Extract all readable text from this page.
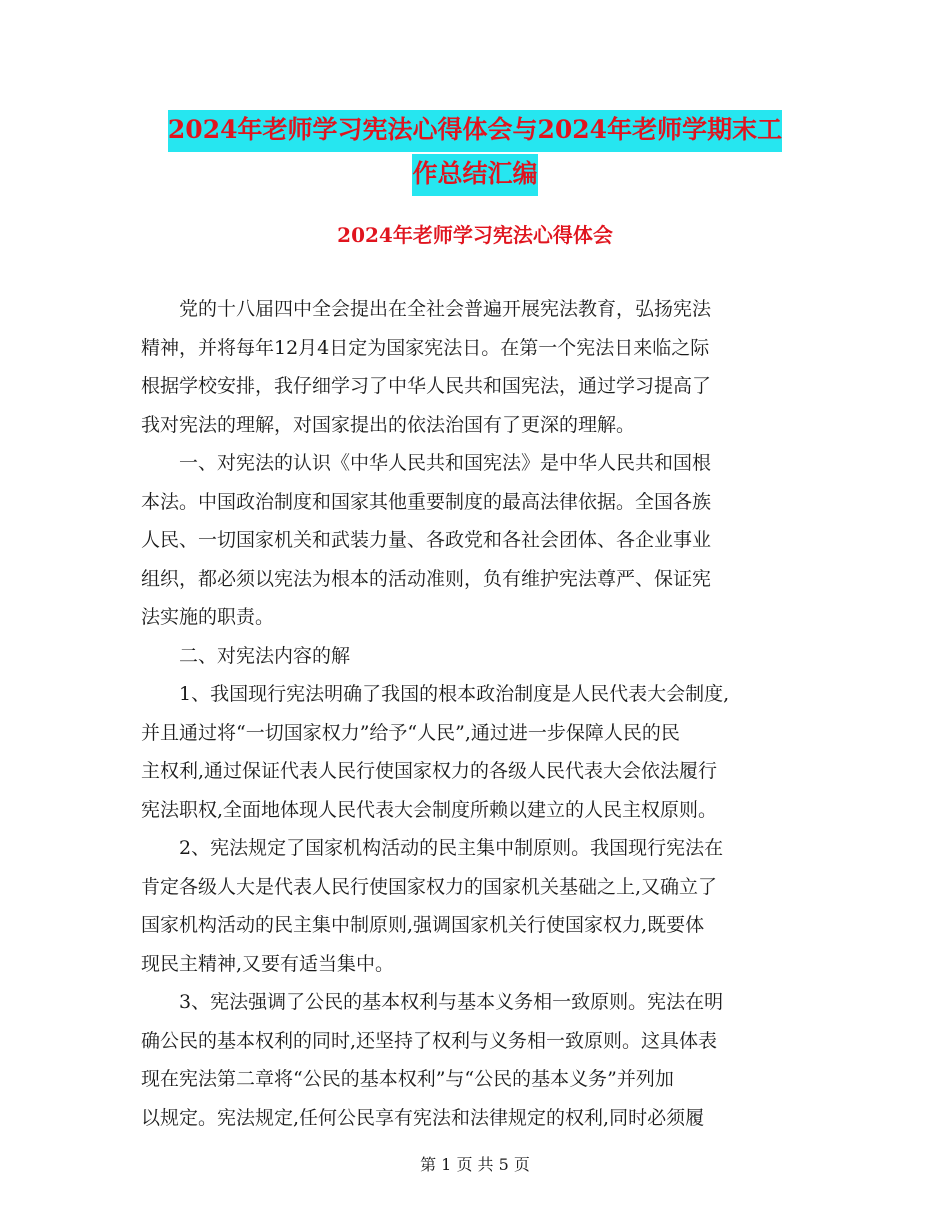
2024年老师学习宪法心得体会与2024年老师学期末工
作总结汇编
2024年老师学习宪法心得体会

党的十八届四中全会提出在全社会普遍开展宪法教育，弘扬宪法
精神，并将每年12月4日定为国家宪法日。在第一个宪法日来临之际
根据学校安排，我仔细学习了中华人民共和国宪法，通过学习提高了
我对宪法的理解，对国家提出的依法治国有了更深的理解。

一、对宪法的认识《中华人民共和国宪法》是中华人民共和国根
本法。中国政治制度和国家其他重要制度的最高法律依据。全国各族
人民、一切国家机关和武装力量、各政党和各社会团体、各企业事业
组织，都必须以宪法为根本的活动准则，负有维护宪法尊严、保证宪
法实施的职责。

二、对宪法内容的解

1、我国现行宪法明确了我国的根本政治制度是人民代表大会制度,
并且通过将“一切国家权力”给予“人民”,通过进一步保障人民的民
主权利,通过保证代表人民行使国家权力的各级人民代表大会依法履行
宪法职权,全面地体现人民代表大会制度所赖以建立的人民主权原则。

2、宪法规定了国家机构活动的民主集中制原则。我国现行宪法在
肯定各级人大是代表人民行使国家权力的国家机关基础之上,又确立了
国家机构活动的民主集中制原则,强调国家机关行使国家权力,既要体
现民主精神,又要有适当集中。

3、宪法强调了公民的基本权利与基本义务相一致原则。宪法在明
确公民的基本权利的同时,还坚持了权利与义务相一致原则。这具体表
现在宪法第二章将“公民的基本权利”与“公民的基本义务”并列加
以规定。宪法规定,任何公民享有宪法和法律规定的权利,同时必须履

第 1 页 共 5 页
